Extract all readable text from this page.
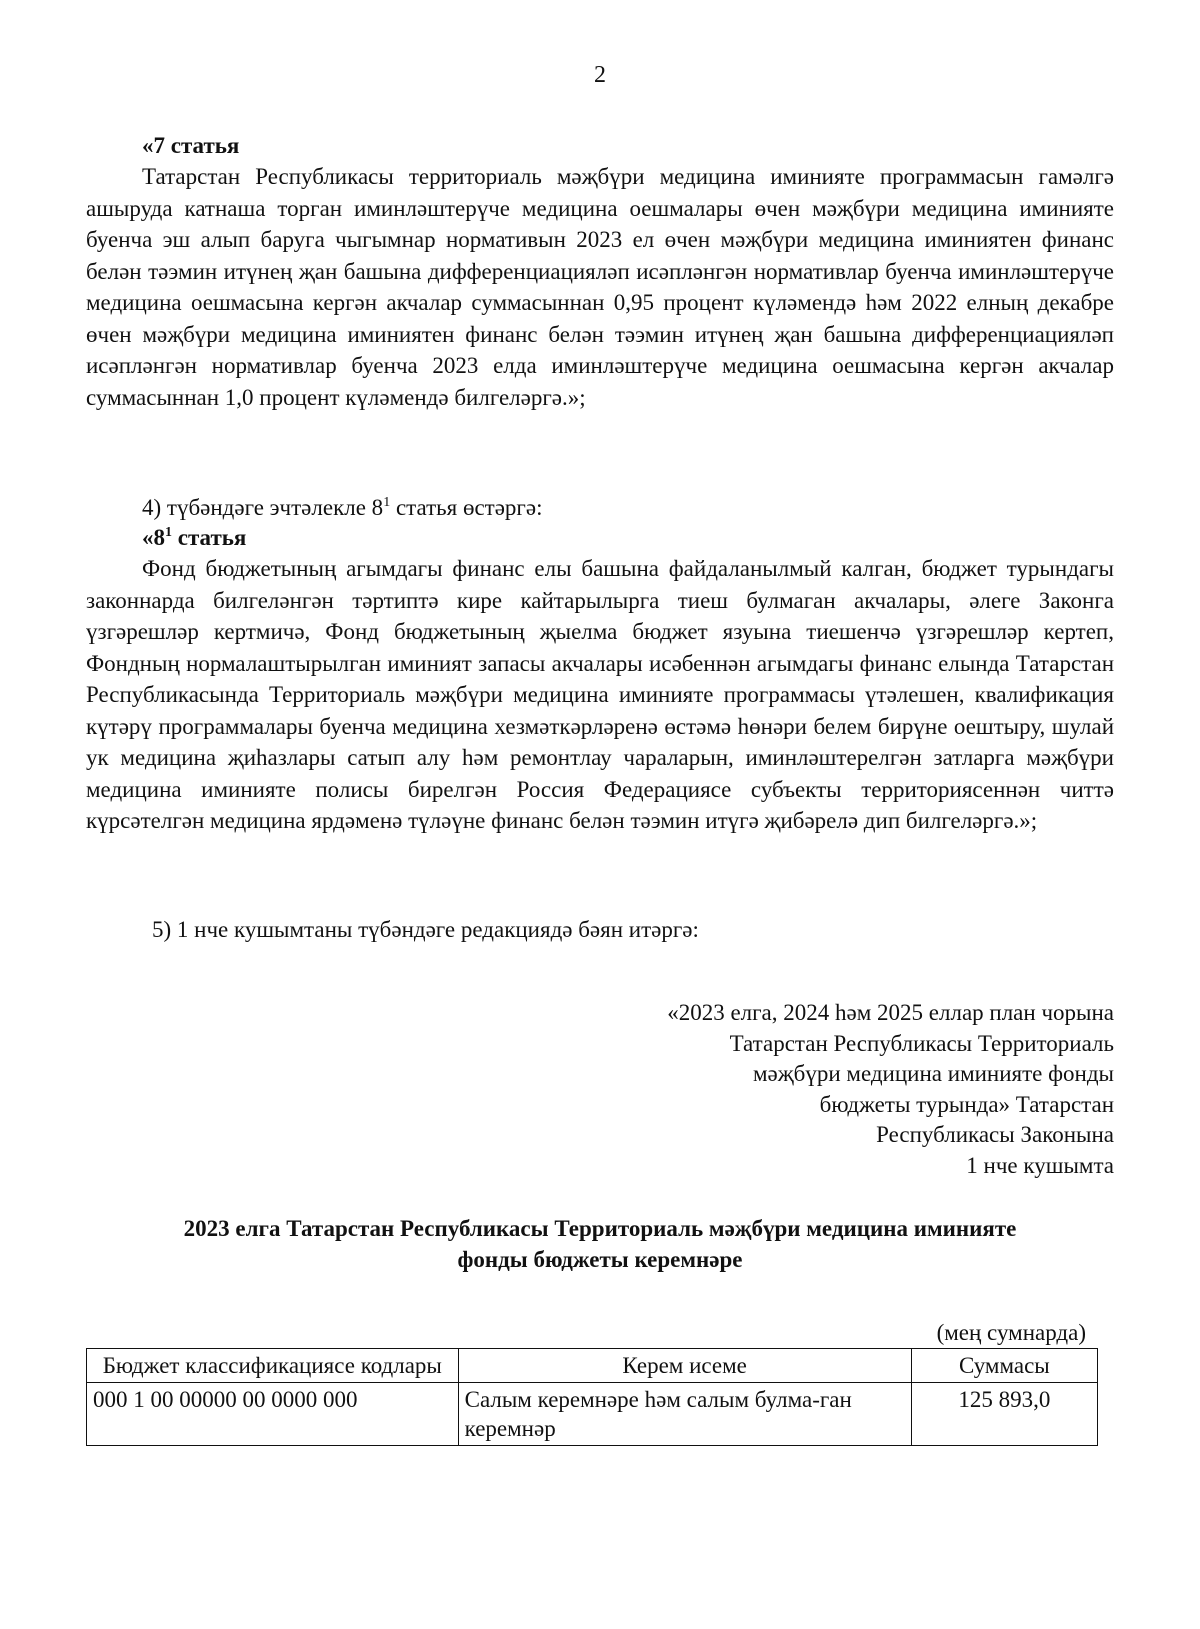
2

«7 статья

Татарстан Республикасы территориаль мәҗбүри медицина иминияте программасын гамәлгә ашыруда катнаша торган иминләштерүче медицина оешмалары өчен мәҗбүри медицина иминияте буенча эш алып баруга чыгымнар нормативын 2023 ел өчен мәҗбүри медицина иминиятен финанс белән тәэмин итүнең җан башына дифференциацияләп исәпләнгән нормативлар буенча иминләштерүче медицина оешмасына кергән акчалар суммасыннан 0,95 процент күләмендә һәм 2022 елның декабре өчен мәҗбүри медицина иминиятен финанс белән тәэмин итүнең җан башына дифференциацияләп исәпләнгән нормативлар буенча 2023 елда иминләштерүче медицина оешмасына кергән акчалар суммасыннан 1,0 процент күләмендә билгеләргә.»;

4) түбәндәге эчтәлекле $8^1$ статья өстәргә:

«$8^1$ статья

Фонд бюджетының агымдагы финанс елы башына файдаланылмый калган, бюджет турындагы законнарда билгеләнгән тәртиптә кире кайтарылырга тиеш булмаган акчалары, әлеге Законга үзгәрешләр кертмичә, Фонд бюджетының җыелма бюджет язуына тиешенчә үзгәрешләр кертеп, Фондның нормалаштырылган иминият запасы акчалары исәбеннән агымдагы финанс елында Татарстан Республикасында Территориаль мәҗбүри медицина иминияте программасы үтәлешен, квалификация күтәрү программалары буенча медицина хезмәткәрләренә өстәмә һөнәри белем бирүне оештыру, шулай ук медицина җиһазлары сатып алу һәм ремонтлау чараларын, иминләштерелгән затларга мәҗбүри медицина иминияте полисы бирелгән Россия Федерациясе субъекты территориясеннән читтә күрсәтелгән медицина ярдәменә түләүне финанс белән тәэмин итүгә җибәрелә дип билгеләргә.»;

5) 1 нче кушымтаны түбәндәге редакциядә бәян итәргә:

«2023 елга, 2024 һәм 2025 еллар план чорына

Татарстан Республикасы Территориаль

мәҗбүри медицина иминияте фонды

бюджеты турында» Татарстан

Республикасы Законына

1 нче кушымта

2023 елга Татарстан Республикасы Территориаль мәҗбүри медицина иминияте
фонды бюджеты керемнәре

(мең сумнарда)
Бюджет классификациясе кодлары	Керем исеме	Суммасы
000 1 00 00000 00 0000 000	Салым керемнәре һәм салым булма-ган керемнәр	125 893,0
